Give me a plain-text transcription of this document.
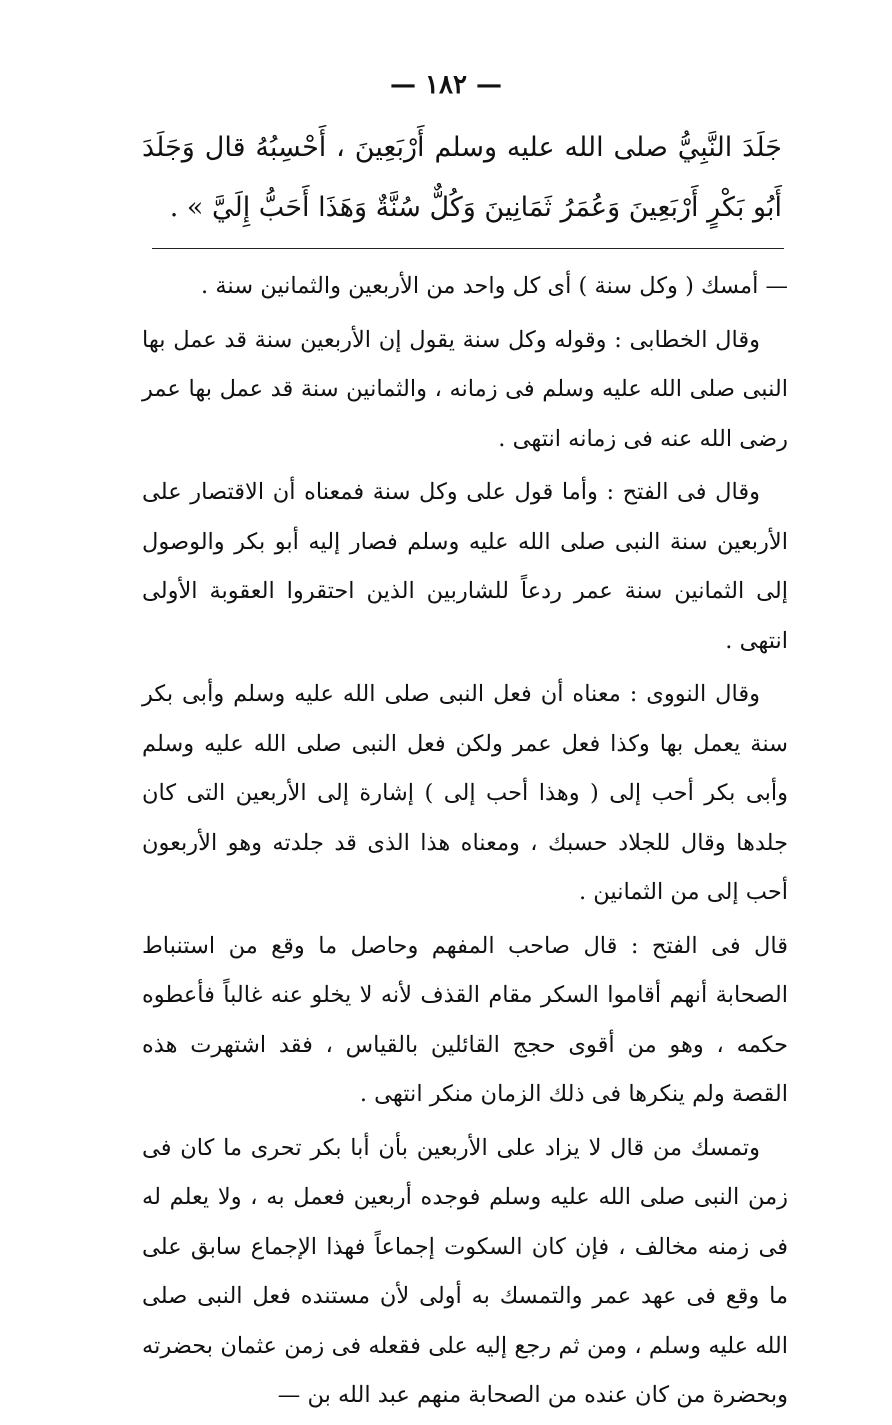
— ١٨٢ —

جَلَدَ النَّبِيُّ صلى الله عليه وسلم أَرْبَعِينَ ، أَحْسِبُهُ قال وَجَلَدَ أَبُو بَكْرٍ أَرْبَعِينَ وَعُمَرُ ثَمَانِينَ وَكُلٌّ سُنَّةٌ وَهَذَا أَحَبُّ إِلَيَّ » .

— أمسك ( وكل سنة ) أى كل واحد من الأربعين والثمانين سنة .

وقال الخطابى : وقوله وكل سنة يقول إن الأربعين سنة قد عمل بها النبى صلى الله عليه وسلم فى زمانه ، والثمانين سنة قد عمل بها عمر رضى الله عنه فى زمانه انتهى .

وقال فى الفتح : وأما قول على وكل سنة فمعناه أن الاقتصار على الأربعين سنة النبى صلى الله عليه وسلم فصار إليه أبو بكر والوصول إلى الثمانين سنة عمر ردعاً للشاربين الذين احتقروا العقوبة الأولى انتهى .

وقال النووى : معناه أن فعل النبى صلى الله عليه وسلم وأبى بكر سنة يعمل بها وكذا فعل عمر ولكن فعل النبى صلى الله عليه وسلم وأبى بكر أحب إلى ( وهذا أحب إلى ) إشارة إلى الأربعين التى كان جلدها وقال للجلاد حسبك ، ومعناه هذا الذى قد جلدته وهو الأربعون أحب إلى من الثمانين .

قال فى الفتح : قال صاحب المفهم وحاصل ما وقع من استنباط الصحابة أنهم أقاموا السكر مقام القذف لأنه لا يخلو عنه غالباً فأعطوه حكمه ، وهو من أقوى حجج القائلين بالقياس ، فقد اشتهرت هذه القصة ولم ينكرها فى ذلك الزمان منكر انتهى .

وتمسك من قال لا يزاد على الأربعين بأن أبا بكر تحرى ما كان فى زمن النبى صلى الله عليه وسلم فوجده أربعين فعمل به ، ولا يعلم له فى زمنه مخالف ، فإن كان السكوت إجماعاً فهذا الإجماع سابق على ما وقع فى عهد عمر والتمسك به أولى لأن مستنده فعل النبى صلى الله عليه وسلم ، ومن ثم رجع إليه على فقعله فى زمن عثمان بحضرته وبحضرة من كان عنده من الصحابة منهم عبد الله بن —
